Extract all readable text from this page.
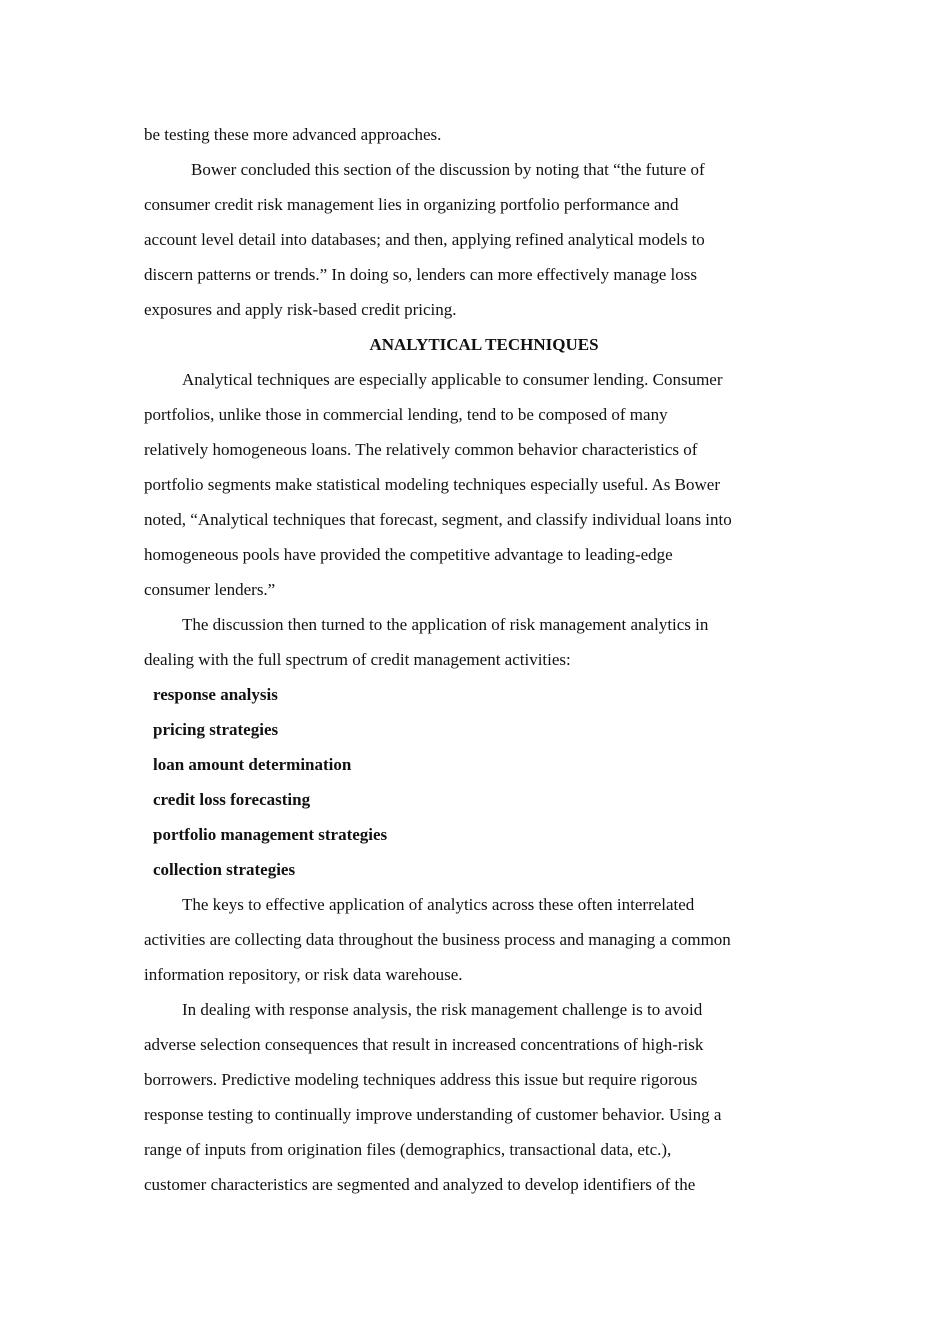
be testing these more advanced approaches.
Bower concluded this section of the discussion by noting that “the future of
consumer credit risk management lies in organizing portfolio performance and
account level detail into databases; and then, applying refined analytical models to
discern patterns or trends.” In doing so, lenders can more effectively manage loss
exposures and apply risk-based credit pricing.
ANALYTICAL TECHNIQUES
Analytical techniques are especially applicable to consumer lending. Consumer
portfolios, unlike those in commercial lending, tend to be composed of many
relatively homogeneous loans. The relatively common behavior characteristics of
portfolio segments make statistical modeling techniques especially useful. As Bower
noted, “Analytical techniques that forecast, segment, and classify individual loans into
homogeneous pools have provided the competitive advantage to leading-edge
consumer lenders.”
The discussion then turned to the application of risk management analytics in
dealing with the full spectrum of credit management activities:
response analysis
pricing strategies
loan amount determination
credit loss forecasting
portfolio management strategies
collection strategies
The keys to effective application of analytics across these often interrelated
activities are collecting data throughout the business process and managing a common
information repository, or risk data warehouse.
In dealing with response analysis, the risk management challenge is to avoid
adverse selection consequences that result in increased concentrations of high-risk
borrowers. Predictive modeling techniques address this issue but require rigorous
response testing to continually improve understanding of customer behavior. Using a
range of inputs from origination files (demographics, transactional data, etc.),
customer characteristics are segmented and analyzed to develop identifiers of the
